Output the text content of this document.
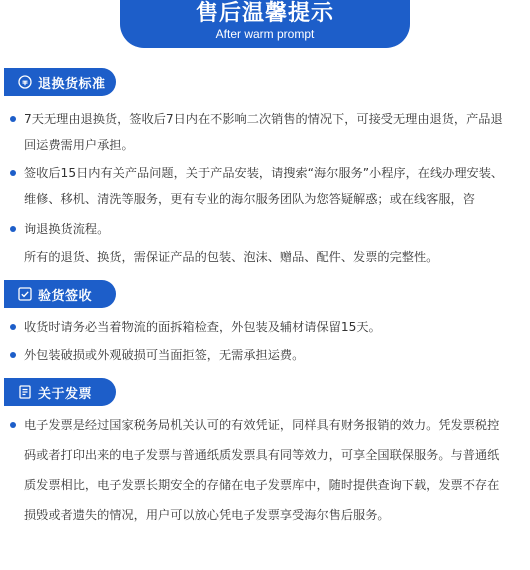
售后温馨提示
After warm prompt
退换货标准
7天无理由退换货，签收后7日内在不影响二次销售的情况下，可接受无理由退货，产品退回运费需用户承担。
签收后15日内有关产品问题，关于产品安装，请搜索“海尔服务”小程序，在线办理安装、维修、移机、清洗等服务，更有专业的海尔服务团队为您答疑解惑；或在线客服，咨
询退换货流程。
所有的退货、换货，需保证产品的包装、泡沫、赠品、配件、发票的完整性。
验货签收
收货时请务必当着物流的面拆箱检查，外包装及辅材请保留15天。
外包装破损或外观破损可当面拒签，无需承担运费。
关于发票
电子发票是经过国家税务局机关认可的有效凭证，同样具有财务报销的效力。凭发票税控码或者打印出来的电子发票与普通纸质发票具有同等效力，可享全国联保服务。与普通纸质发票相比，电子发票长期安全的存储在电子发票库中，随时提供查询下载，发票不存在损毁或者遗失的情况，用户可以放心凭电子发票享受海尔售后服务。
